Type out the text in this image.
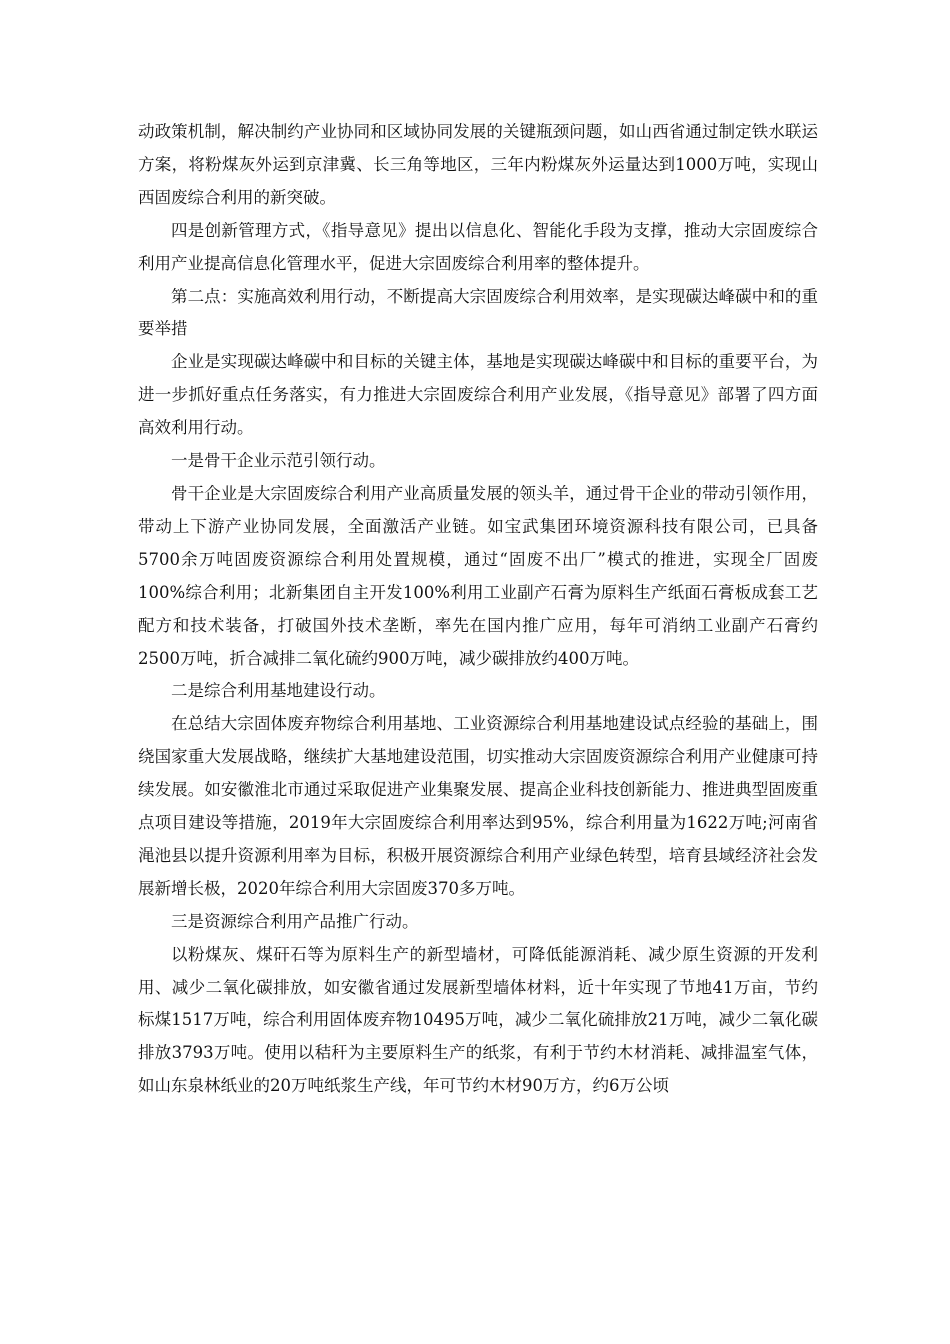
动政策机制，解决制约产业协同和区域协同发展的关键瓶颈问题，如山西省通过制定铁水联运方案，将粉煤灰外运到京津冀、长三角等地区，三年内粉煤灰外运量达到1000万吨，实现山西固废综合利用的新突破。

四是创新管理方式，《指导意见》提出以信息化、智能化手段为支撑，推动大宗固废综合利用产业提高信息化管理水平，促进大宗固废综合利用率的整体提升。

第二点：实施高效利用行动，不断提高大宗固废综合利用效率，是实现碳达峰碳中和的重要举措

企业是实现碳达峰碳中和目标的关键主体，基地是实现碳达峰碳中和目标的重要平台，为进一步抓好重点任务落实，有力推进大宗固废综合利用产业发展，《指导意见》部署了四方面高效利用行动。

一是骨干企业示范引领行动。

骨干企业是大宗固废综合利用产业高质量发展的领头羊，通过骨干企业的带动引领作用，带动上下游产业协同发展，全面激活产业链。如宝武集团环境资源科技有限公司，已具备5700余万吨固废资源综合利用处置规模，通过“固废不出厂”模式的推进，实现全厂固废100%综合利用；北新集团自主开发100%利用工业副产石膏为原料生产纸面石膏板成套工艺配方和技术装备，打破国外技术垄断，率先在国内推广应用，每年可消纳工业副产石膏约2500万吨，折合减排二氧化硫约900万吨，减少碳排放约400万吨。

二是综合利用基地建设行动。

在总结大宗固体废弃物综合利用基地、工业资源综合利用基地建设试点经验的基础上，围绕国家重大发展战略，继续扩大基地建设范围，切实推动大宗固废资源综合利用产业健康可持续发展。如安徽淮北市通过采取促进产业集聚发展、提高企业科技创新能力、推进典型固废重点项目建设等措施，2019年大宗固废综合利用率达到95%，综合利用量为1622万吨;河南省渑池县以提升资源利用率为目标，积极开展资源综合利用产业绿色转型，培育县域经济社会发展新增长极，2020年综合利用大宗固废370多万吨。

三是资源综合利用产品推广行动。

以粉煤灰、煤矸石等为原料生产的新型墙材，可降低能源消耗、减少原生资源的开发利用、减少二氧化碳排放，如安徽省通过发展新型墙体材料，近十年实现了节地41万亩，节约标煤1517万吨，综合利用固体废弃物10495万吨，减少二氧化硫排放21万吨，减少二氧化碳排放3793万吨。使用以秸秆为主要原料生产的纸浆，有利于节约木材消耗、减排温室气体，如山东泉林纸业的20万吨纸浆生产线，年可节约木材90万方，约6万公顷
